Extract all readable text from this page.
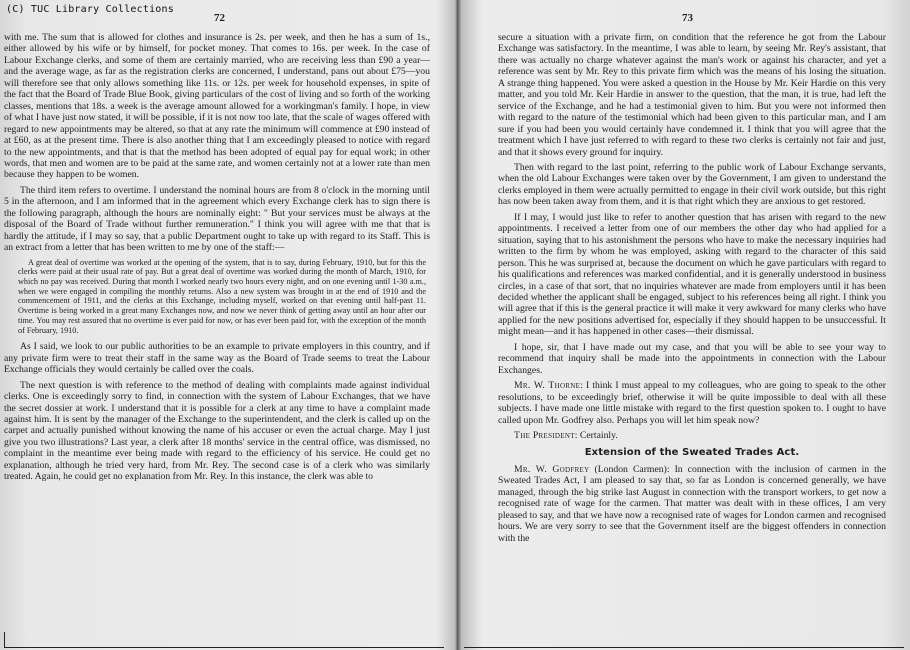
(C) TUC Library Collections
72

with me. The sum that is allowed for clothes and insurance is 2s. per week, and then he has a sum of 1s., either allowed by his wife or by himself, for pocket money. That comes to 16s. per week. In the case of Labour Exchange clerks, and some of them are certainly married, who are receiving less than £90 a year—and the average wage, as far as the registration clerks are concerned, I understand, pans out about £75—you will therefore see that only allows something like 11s. or 12s. per week for household expenses, in spite of the fact that the Board of Trade Blue Book, giving particulars of the cost of living and so forth of the working classes, mentions that 18s. a week is the average amount allowed for a workingman's family. I hope, in view of what I have just now stated, it will be possible, if it is not now too late, that the scale of wages offered with regard to new appointments may be altered, so that at any rate the minimum will commence at £90 instead of at £60, as at the present time. There is also another thing that I am exceedingly pleased to notice with regard to the new appointments, and that is that the method has been adopted of equal pay for equal work; in other words, that men and women are to be paid at the same rate, and women certainly not at a lower rate than men because they happen to be women.

The third item refers to overtime. I understand the nominal hours are from 8 o'clock in the morning until 5 in the afternoon, and I am informed that in the agreement which every Exchange clerk has to sign there is the following paragraph, although the hours are nominally eight: " But your services must be always at the disposal of the Board of Trade without further remuneration." I think you will agree with me that that is hardly the attitude, if I may so say, that a public Department ought to take up with regard to its Staff. This is an extract from a letter that has been written to me by one of the staff:—

A great deal of overtime was worked at the opening of the system, that is to say, during February, 1910, but for this the clerks were paid at their usual rate of pay. But a great deal of overtime was worked during the month of March, 1910, for which no pay was received. During that month I worked nearly two hours every night, and on one evening until 1-30 a.m., when we were engaged in compiling the monthly returns. Also a new system was brought in at the end of 1910 and the commencement of 1911, and the clerks at this Exchange, including myself, worked on that evening until half-past 11. Overtime is being worked in a great many Exchanges now, and now we never think of getting away until an hour after our time. You may rest assured that no overtime is ever paid for now, or has ever been paid for, with the exception of the month of February, 1910.

As I said, we look to our public authorities to be an example to private employers in this country, and if any private firm were to treat their staff in the same way as the Board of Trade seems to treat the Labour Exchange officials they would certainly be called over the coals.

The next question is with reference to the method of dealing with complaints made against individual clerks. One is exceedingly sorry to find, in connection with the system of Labour Exchanges, that we have the secret dossier at work. I understand that it is possible for a clerk at any time to have a complaint made against him. It is sent by the manager of the Exchange to the superintendent, and the clerk is called up on the carpet and actually punished without knowing the name of his accuser or even the actual charge. May I just give you two illustrations? Last year, a clerk after 18 months' service in the central office, was dismissed, no complaint in the meantime ever being made with regard to the efficiency of his service. He could get no explanation, although he tried very hard, from Mr. Rey. The second case is of a clerk who was similarly treated. Again, he could get no explanation from Mr. Rey. In this instance, the clerk was able to

73

secure a situation with a private firm, on condition that the reference he got from the Labour Exchange was satisfactory. In the meantime, I was able to learn, by seeing Mr. Rey's assistant, that there was actually no charge whatever against the man's work or against his character, and yet a reference was sent by Mr. Rey to this private firm which was the means of his losing the situation. A strange thing happened. You were asked a question in the House by Mr. Keir Hardie on this very matter, and you told Mr. Keir Hardie in answer to the question, that the man, it is true, had left the service of the Exchange, and he had a testimonial given to him. But you were not informed then with regard to the nature of the testimonial which had been given to this particular man, and I am sure if you had been you would certainly have condemned it. I think that you will agree that the treatment which I have just referred to with regard to these two clerks is certainly not fair and just, and that it shows every ground for inquiry.

Then with regard to the last point, referring to the public work of Labour Exchange servants, when the old Labour Exchanges were taken over by the Government, I am given to understand the clerks employed in them were actually permitted to engage in their civil work outside, but this right has now been taken away from them, and it is that right which they are anxious to get restored.

If I may, I would just like to refer to another question that has arisen with regard to the new appointments. I received a letter from one of our members the other day who had applied for a situation, saying that to his astonishment the persons who have to make the necessary inquiries had written to the firm by whom he was employed, asking with regard to the character of this said person. This he was surprised at, because the document on which he gave particulars with regard to his qualifications and references was marked confidential, and it is generally understood in business circles, in a case of that sort, that no inquiries whatever are made from employers until it has been decided whether the applicant shall be engaged, subject to his references being all right. I think you will agree that if this is the general practice it will make it very awkward for many clerks who have applied for the new positions advertised for, especially if they should happen to be unsuccessful. It might mean—and it has happened in other cases—their dismissal.

I hope, sir, that I have made out my case, and that you will be able to see your way to recommend that inquiry shall be made into the appointments in connection with the Labour Exchanges.

Mr. W. Thorne: I think I must appeal to my colleagues, who are going to speak to the other resolutions, to be exceedingly brief, otherwise it will be quite impossible to deal with all these subjects. I have made one little mistake with regard to the first question spoken to. I ought to have called upon Mr. Godfrey also. Perhaps you will let him speak now?

The President: Certainly.

Extension of the Sweated Trades Act.

Mr. W. Godfrey (London Carmen): In connection with the inclusion of carmen in the Sweated Trades Act, I am pleased to say that, so far as London is concerned generally, we have managed, through the big strike last August in connection with the transport workers, to get now a recognised rate of wage for the carmen. That matter was dealt with in these offices, I am very pleased to say, and that we have now a recognised rate of wages for London carmen and recognised hours. We are very sorry to see that the Government itself are the biggest offenders in connection with the
